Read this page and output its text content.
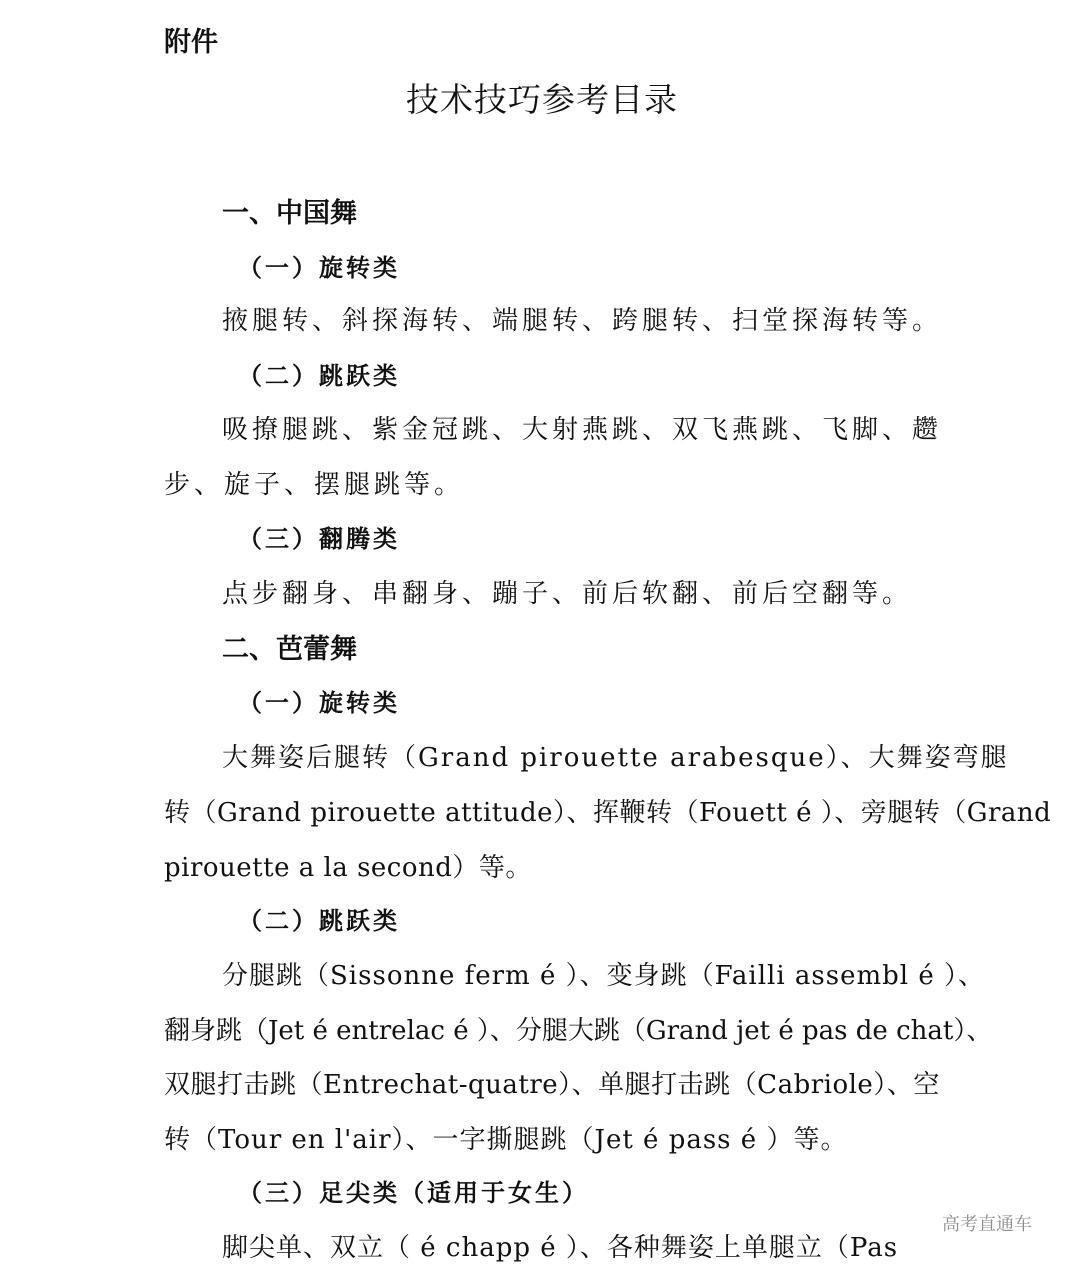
附件
技术技巧参考目录
一、中国舞
（一）旋转类
掖腿转、斜探海转、端腿转、跨腿转、扫堂探海转等。
（二）跳跃类
吸撩腿跳、紫金冠跳、大射燕跳、双飞燕跳、飞脚、趱
步、旋子、摆腿跳等。
（三）翻腾类
点步翻身、串翻身、蹦子、前后软翻、前后空翻等。
二、芭蕾舞
（一）旋转类
大舞姿后腿转（Grand pirouette arabesque）、大舞姿弯腿
转（Grand pirouette attitude）、挥鞭转（Fouett é ）、旁腿转（Grand
pirouette a la second）等。
（二）跳跃类
分腿跳（Sissonne ferm é ）、变身跳（Failli assembl é ）、
翻身跳（Jet é entrelac é ）、分腿大跳（Grand jet é pas de chat）、
双腿打击跳（Entrechat-quatre）、单腿打击跳（Cabriole）、空
转（Tour en l'air）、一字撕腿跳（Jet é pass é ）等。
（三）足尖类（适用于女生）
脚尖单、双立（ é chapp é ）、各种舞姿上单腿立（Pas
高考直通车
